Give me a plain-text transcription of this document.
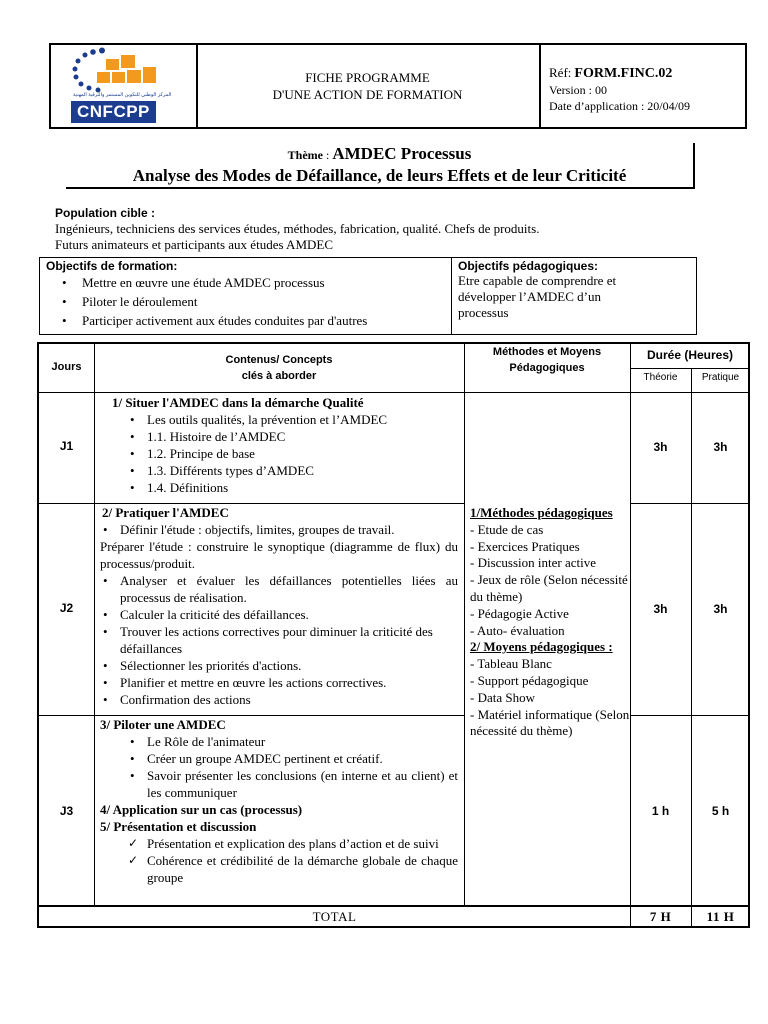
المركز الوطني للتكوين المستمر والترقية المهنية
CNFCPP
FICHE PROGRAMME
D'UNE ACTION DE FORMATION
Réf: FORM.FINC.02
Version : 00
Date d’application : 20/04/09
Thème : AMDEC Processus
Analyse des Modes de Défaillance, de leurs Effets et de leur Criticité
Population cible :
Ingénieurs, techniciens des services études, méthodes, fabrication, qualité. Chefs de produits.
Futurs animateurs et participants aux études AMDEC
Objectifs de formation:
• Mettre en œuvre une étude AMDEC processus
• Piloter le déroulement
• Participer activement aux études conduites par d'autres
Objectifs pédagogiques:
Etre capable de comprendre et
développer l’AMDEC d’un
processus
Jours
Contenus/ Concepts
clés à aborder
Méthodes et Moyens
Pédagogiques
Durée (Heures)
Théorie	Pratique
J1
1/ Situer l'AMDEC dans la démarche Qualité
• Les outils qualités, la prévention et l’AMDEC
• 1.1. Histoire de l’AMDEC
• 1.2. Principe de base
• 1.3. Différents types d’AMDEC
• 1.4. Définitions
3h	3h
J2
2/ Pratiquer l'AMDEC
• Définir l'étude : objectifs, limites, groupes de travail.
Préparer l'étude : construire le synoptique (diagramme de flux) du processus/produit.
• Analyser et évaluer les défaillances potentielles liées au processus de réalisation.
• Calculer la criticité des défaillances.
• Trouver les actions correctives pour diminuer la criticité des défaillances
• Sélectionner les priorités d'actions.
• Planifier et mettre en œuvre les actions correctives.
• Confirmation des actions
3h	3h
J3
3/ Piloter une AMDEC
• Le Rôle de l'animateur
• Créer un groupe AMDEC pertinent et créatif.
• Savoir présenter les conclusions (en interne et au client) et les communiquer
4/ Application sur un cas (processus)
5/ Présentation et discussion
✓ Présentation et explication des plans d’action et de suivi
✓ Cohérence et crédibilité de la démarche globale de chaque groupe
1 h	5 h
1/Méthodes pédagogiques
- Etude de cas
- Exercices Pratiques
- Discussion inter active
- Jeux de rôle (Selon nécessité du thème)
- Pédagogie Active
- Auto- évaluation
2/ Moyens pédagogiques :
- Tableau Blanc
- Support pédagogique
- Data Show
- Matériel informatique (Selon nécessité du thème)
TOTAL	7 H	11 H
